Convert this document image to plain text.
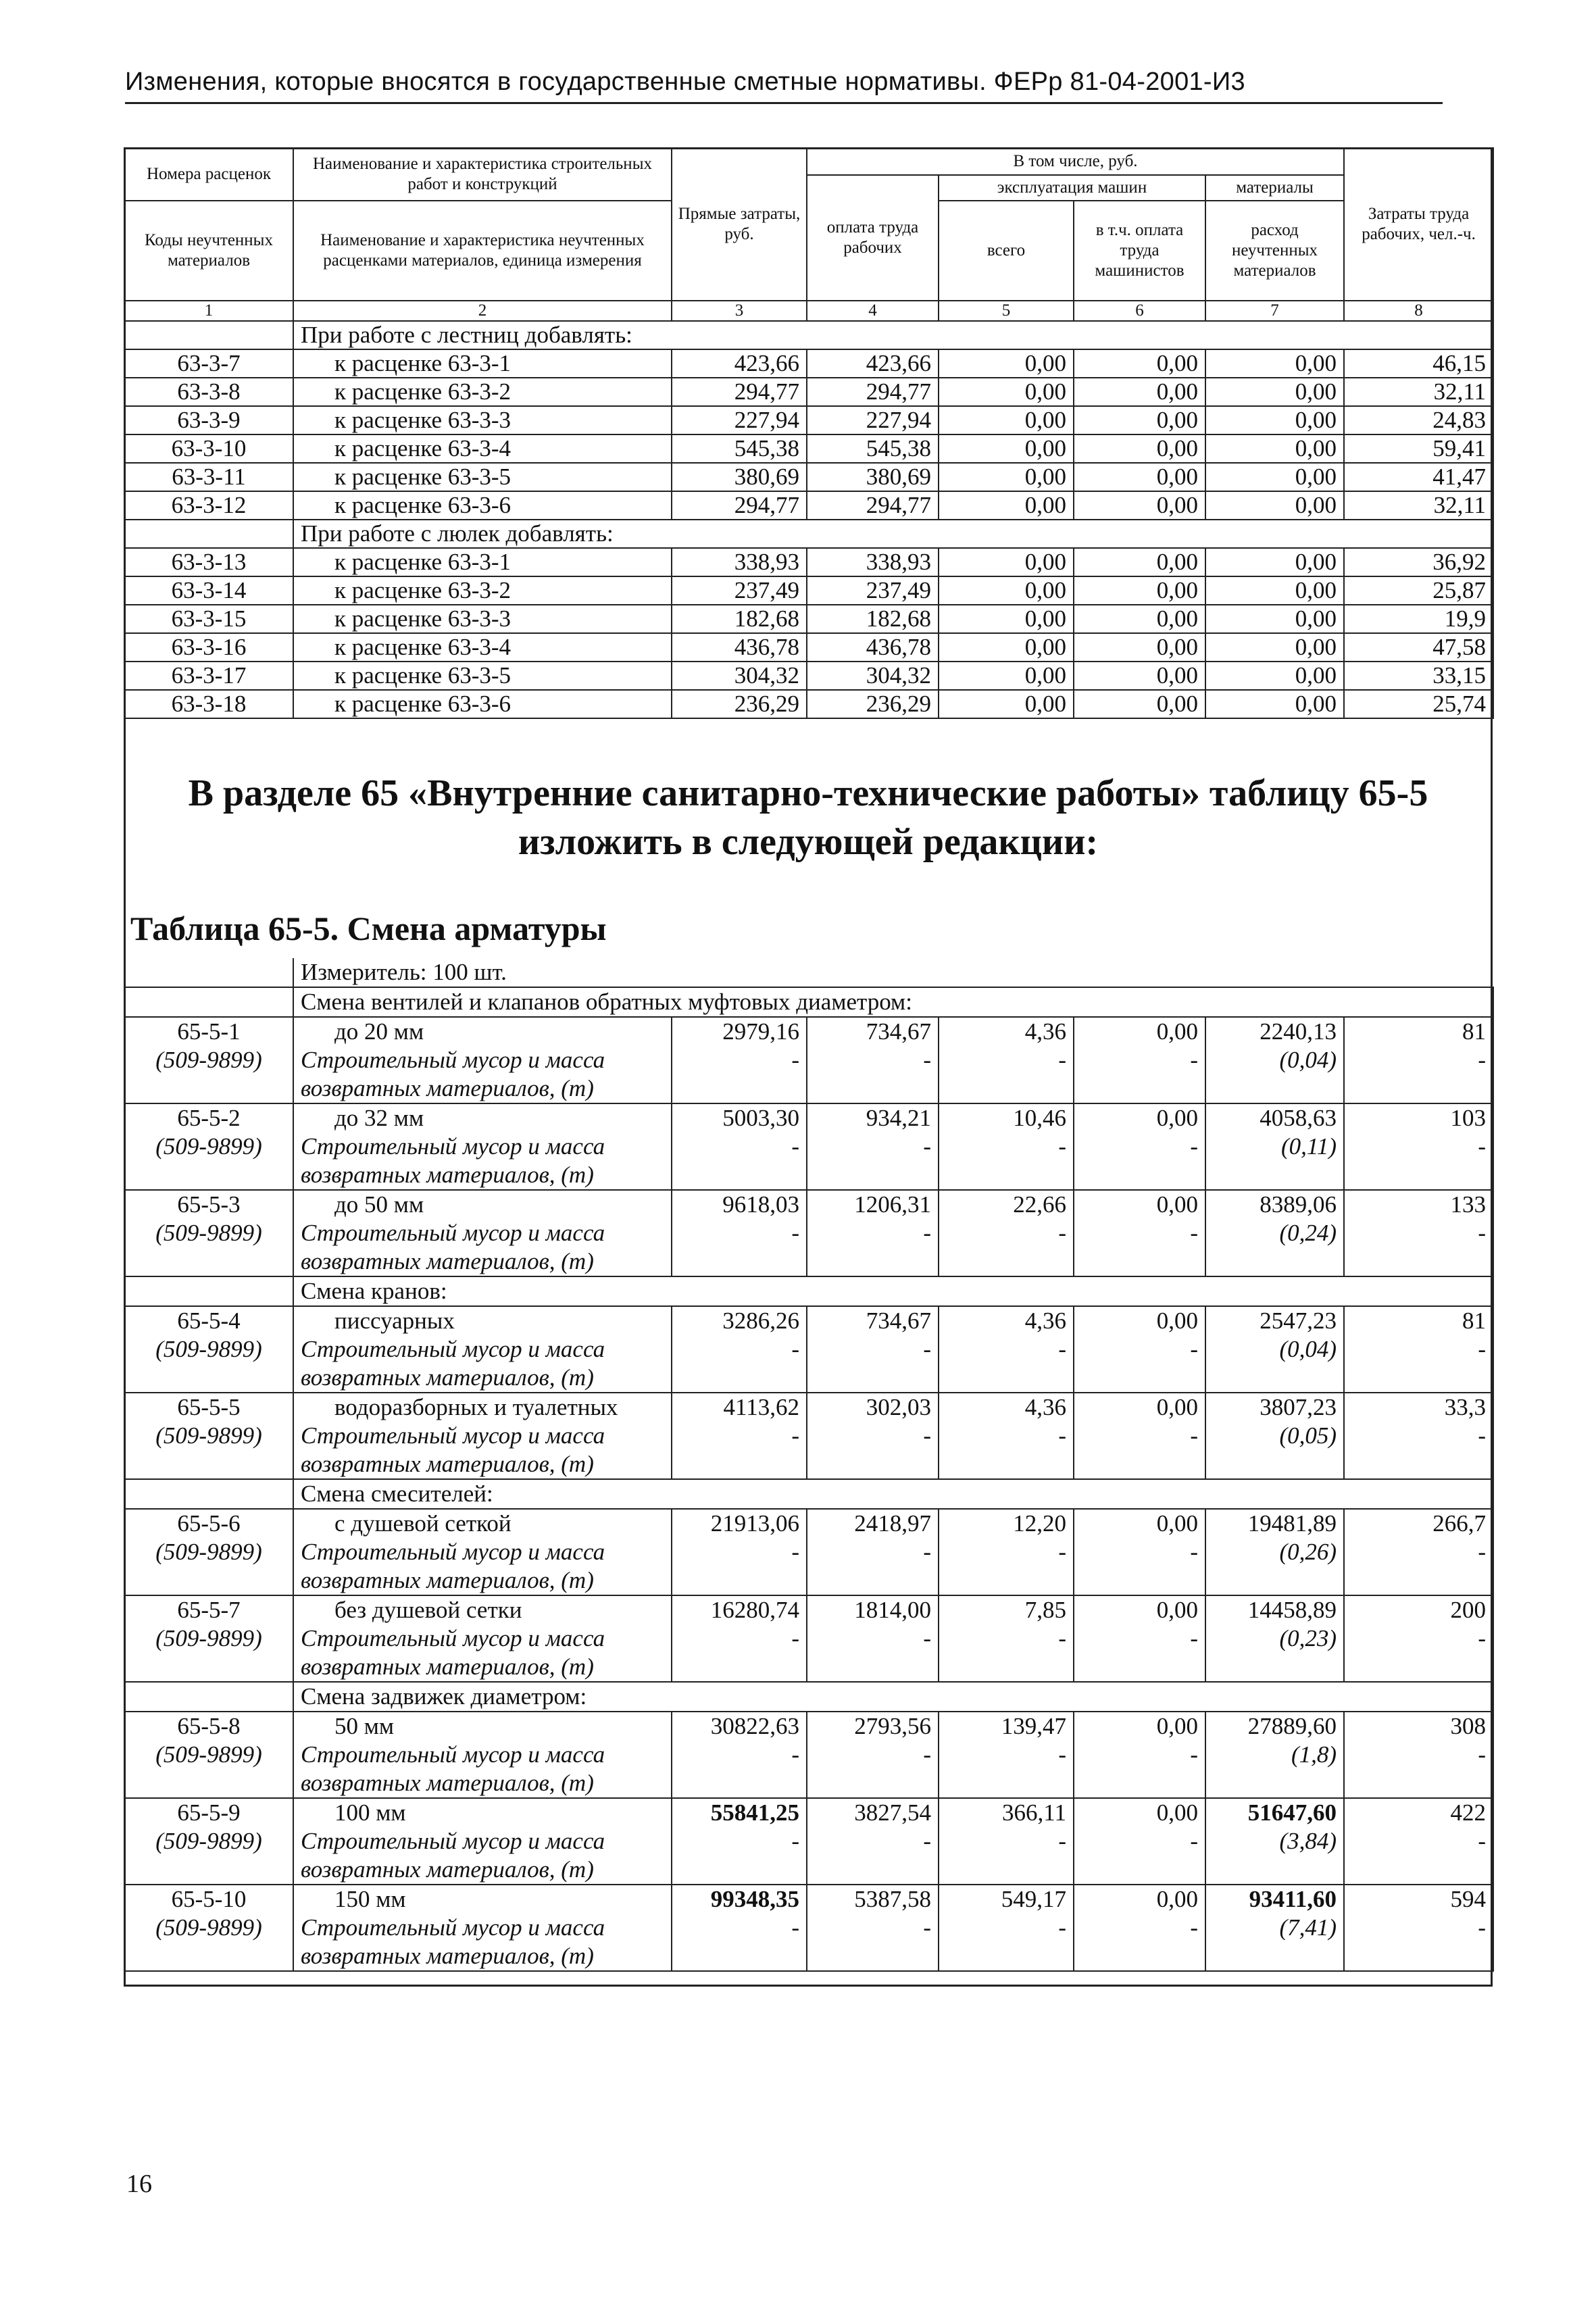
Изменения, которые вносятся в государственные сметные нормативы. ФЕРр 81-04-2001-И3
Номера расценок	Наименование и характеристика строительных работ и конструкций	Прямые затраты, руб.	В том числе, руб.				Затраты труда рабочих, чел.-ч.
			оплата труда рабочих	эксплуатация машин		материалы	
Коды неучтенных материалов	Наименование и характеристика неучтенных расценками материалов, единица измерения			всего	в т.ч. оплата труда машинистов	расход неучтенных материалов	

1	2	3	4	5	6	7	8
	При работе с лестниц добавлять:						
63-3-7	к расценке 63-3-1	423,66	423,66	0,00	0,00	0,00	46,15
63-3-8	к расценке 63-3-2	294,77	294,77	0,00	0,00	0,00	32,11
63-3-9	к расценке 63-3-3	227,94	227,94	0,00	0,00	0,00	24,83
63-3-10	к расценке 63-3-4	545,38	545,38	0,00	0,00	0,00	59,41
63-3-11	к расценке 63-3-5	380,69	380,69	0,00	0,00	0,00	41,47
63-3-12	к расценке 63-3-6	294,77	294,77	0,00	0,00	0,00	32,11
	При работе с люлек добавлять:						
63-3-13	к расценке 63-3-1	338,93	338,93	0,00	0,00	0,00	36,92
63-3-14	к расценке 63-3-2	237,49	237,49	0,00	0,00	0,00	25,87
63-3-15	к расценке 63-3-3	182,68	182,68	0,00	0,00	0,00	19,9
63-3-16	к расценке 63-3-4	436,78	436,78	0,00	0,00	0,00	47,58
63-3-17	к расценке 63-3-5	304,32	304,32	0,00	0,00	0,00	33,15
63-3-18	к расценке 63-3-6	236,29	236,29	0,00	0,00	0,00	25,74
В разделе 65 «Внутренние санитарно-технические работы» таблицу 65-5
изложить в следующей редакции:
Таблица 65-5. Смена арматуры
	Измеритель: 100 шт.						
	Смена вентилей и клапанов обратных муфтовых диаметром:						
65-5-1	до 20 мм	2979,16	734,67	4,36	0,00	2240,13	81
(509-9899)	Строительный мусор и масса	-	-	-	-	(0,04)	-
	возвратных материалов, (т)						
65-5-2	до 32 мм	5003,30	934,21	10,46	0,00	4058,63	103
(509-9899)	Строительный мусор и масса	-	-	-	-	(0,11)	-
	возвратных материалов, (т)						
65-5-3	до 50 мм	9618,03	1206,31	22,66	0,00	8389,06	133
(509-9899)	Строительный мусор и масса	-	-	-	-	(0,24)	-
	возвратных материалов, (т)						
	Смена кранов:						
65-5-4	писсуарных	3286,26	734,67	4,36	0,00	2547,23	81
(509-9899)	Строительный мусор и масса	-	-	-	-	(0,04)	-
	возвратных материалов, (т)						
65-5-5	водоразборных и туалетных	4113,62	302,03	4,36	0,00	3807,23	33,3
(509-9899)	Строительный мусор и масса	-	-	-	-	(0,05)	-
	возвратных материалов, (т)						
	Смена смесителей:						
65-5-6	с душевой сеткой	21913,06	2418,97	12,20	0,00	19481,89	266,7
(509-9899)	Строительный мусор и масса	-	-	-	-	(0,26)	-
	возвратных материалов, (т)						
65-5-7	без душевой сетки	16280,74	1814,00	7,85	0,00	14458,89	200
(509-9899)	Строительный мусор и масса	-	-	-	-	(0,23)	-
	возвратных материалов, (т)						
	Смена задвижек диаметром:						
65-5-8	50 мм	30822,63	2793,56	139,47	0,00	27889,60	308
(509-9899)	Строительный мусор и масса	-	-	-	-	(1,8)	-
	возвратных материалов, (т)						
65-5-9	100 мм	55841,25	3827,54	366,11	0,00	51647,60	422
(509-9899)	Строительный мусор и масса	-	-	-	-	(3,84)	-
	возвратных материалов, (т)						
65-5-10	150 мм	99348,35	5387,58	549,17	0,00	93411,60	594
(509-9899)	Строительный мусор и масса	-	-	-	-	(7,41)	-
	возвратных материалов, (т)						
16
